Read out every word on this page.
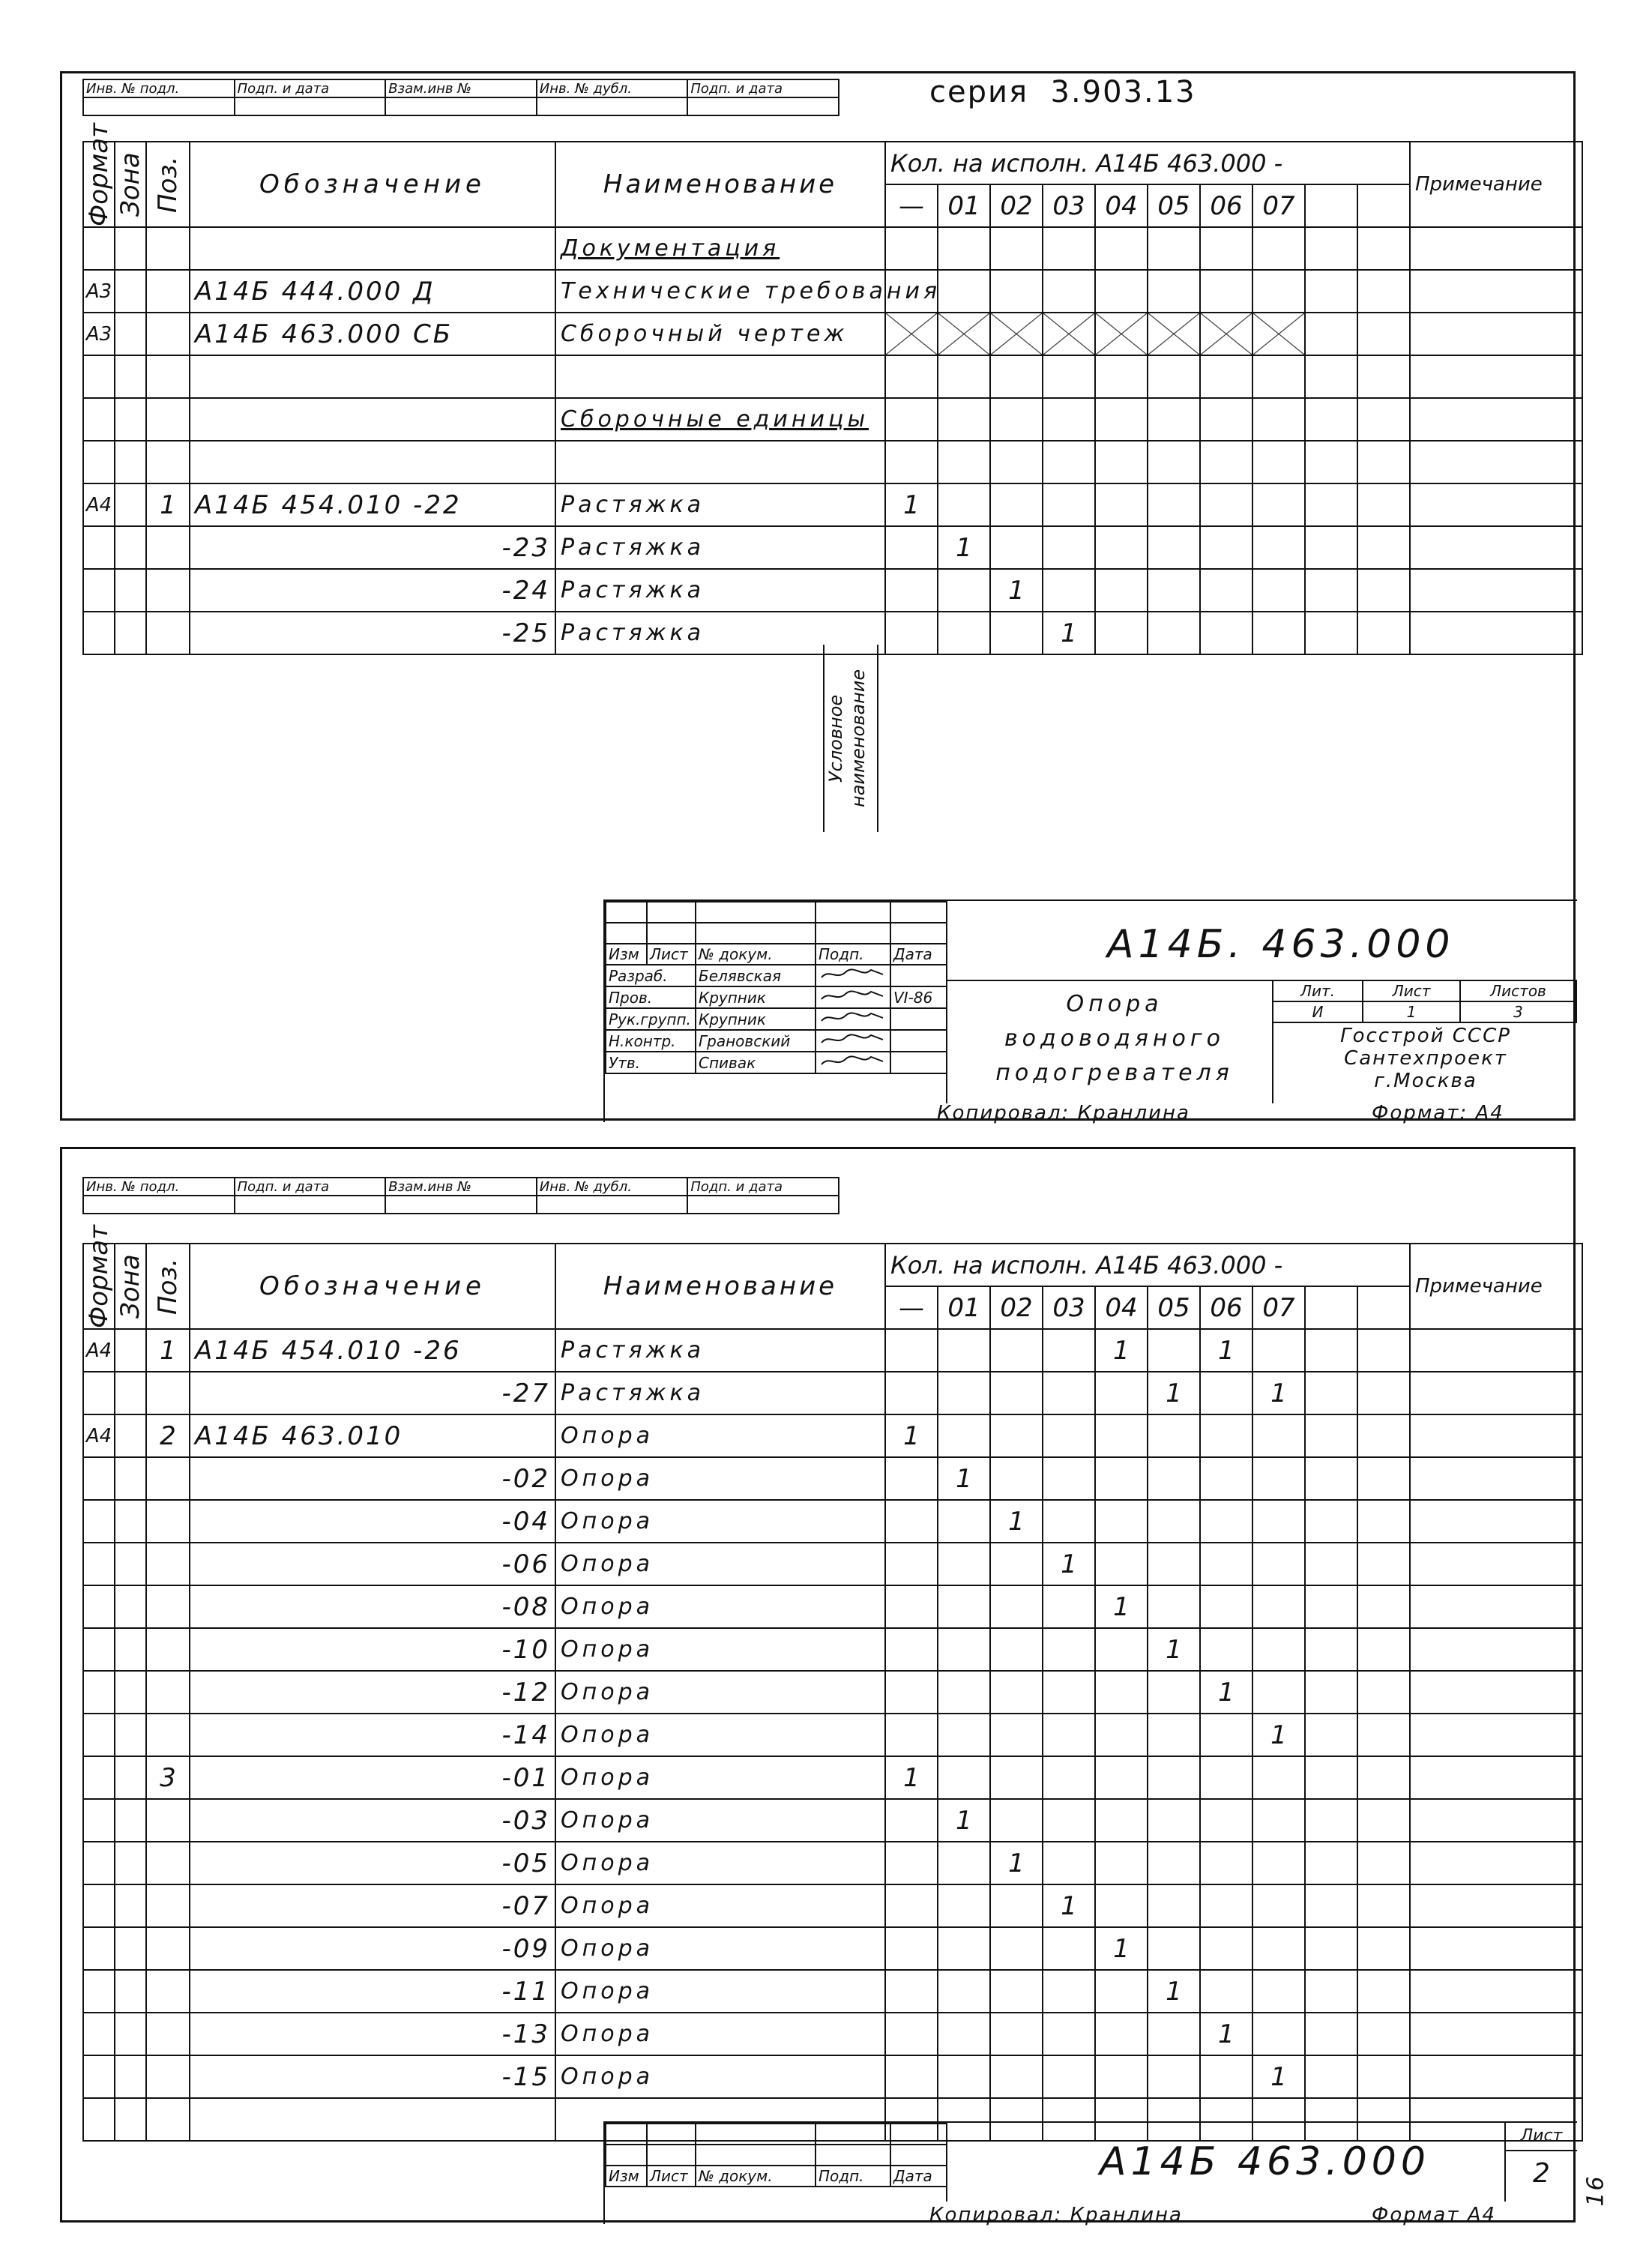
Инв. № подл.	Подп. и дата	Взам.инв №	Инв. № дубл.	Подп. и дата
					серия 3.903.13
Формат	Зона	Поз.	Обозначение	Наименование	Кол. на исполн. А14Б 463.000 -										Примечание
					—	01	02	03	04	05	06	07			
				Документация											
А3			А14Б 444.000 Д	Технические требования											
А3			А14Б 463.000 СБ	Сборочный чертеж											

				Сборочные единицы											

А4		1	А14Б 454.010 -22	Растяжка	1										
			-23	Растяжка		1									
			-24	Растяжка			1								
			-25	Растяжка				1							
Условное наименование

Изм	Лист	№ докум.	Подп.	Дата
Разраб.		Белявская		
Пров.		Крупник		VI-86
Рук.групп.		Крупник		
Н.контр.		Грановский		
Утв.		Спивак		
А14Б. 463.000
Опора
водоводяного
подогревателя
Лит.	Лист	Листов
И	1	3
Госстрой СССР
Сантехпроект
г.Москва
Копировал: Кранлина	Формат: А4
Инв. № подл.	Подп. и дата	Взам.инв №	Инв. № дубл.	Подп. и дата

Формат	Зона	Поз.	Обозначение	Наименование	Кол. на исполн. А14Б 463.000 -										Примечание
					—	01	02	03	04	05	06	07			
А4		1	А14Б 454.010 -26	Растяжка					1		1				
			-27	Растяжка						1		1			
А4		2	А14Б 463.010	Опора	1										
			-02	Опора		1									
			-04	Опора			1								
			-06	Опора				1							
			-08	Опора					1						
			-10	Опора						1					
			-12	Опора							1				
			-14	Опора								1			
		3	-01	Опора	1										
			-03	Опора		1									
			-05	Опора			1								
			-07	Опора				1							
			-09	Опора					1						
			-11	Опора						1					
			-13	Опора							1				
			-15	Опора								1			

Изм	Лист	№ докум.	Подп.	Дата	А14Б 463.000
Лист
2
Копировал: Кранлина	Формат А4
16
